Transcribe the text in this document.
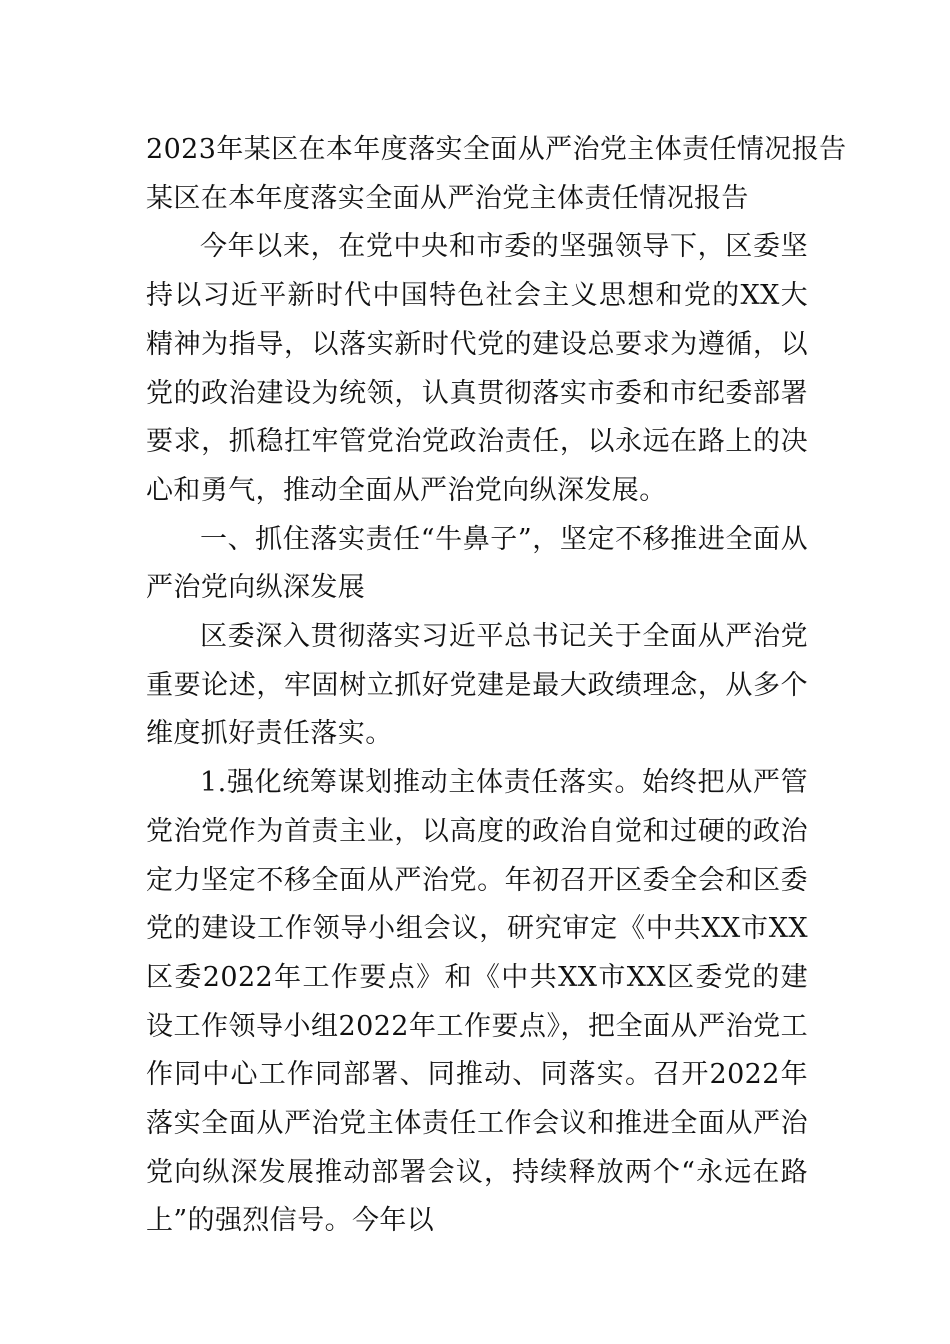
2023年某区在本年度落实全面从严治党主体责任情况报告

某区在本年度落实全面从严治党主体责任情况报告

今年以来，在党中央和市委的坚强领导下，区委坚持以习近平新时代中国特色社会主义思想和党的XX大精神为指导，以落实新时代党的建设总要求为遵循，以党的政治建设为统领，认真贯彻落实市委和市纪委部署要求，抓稳扛牢管党治党政治责任，以永远在路上的决心和勇气，推动全面从严治党向纵深发展。

一、抓住落实责任“牛鼻子”，坚定不移推进全面从严治党向纵深发展

区委深入贯彻落实习近平总书记关于全面从严治党重要论述，牢固树立抓好党建是最大政绩理念，从多个维度抓好责任落实。

1.强化统筹谋划推动主体责任落实。始终把从严管党治党作为首责主业，以高度的政治自觉和过硬的政治定力坚定不移全面从严治党。年初召开区委全会和区委党的建设工作领导小组会议，研究审定《中共XX市XX区委2022年工作要点》和《中共XX市XX区委党的建设工作领导小组2022年工作要点》，把全面从严治党工作同中心工作同部署、同推动、同落实。召开2022年落实全面从严治党主体责任工作会议和推进全面从严治党向纵深发展推动部署会议，持续释放两个“永远在路上”的强烈信号。今年以
